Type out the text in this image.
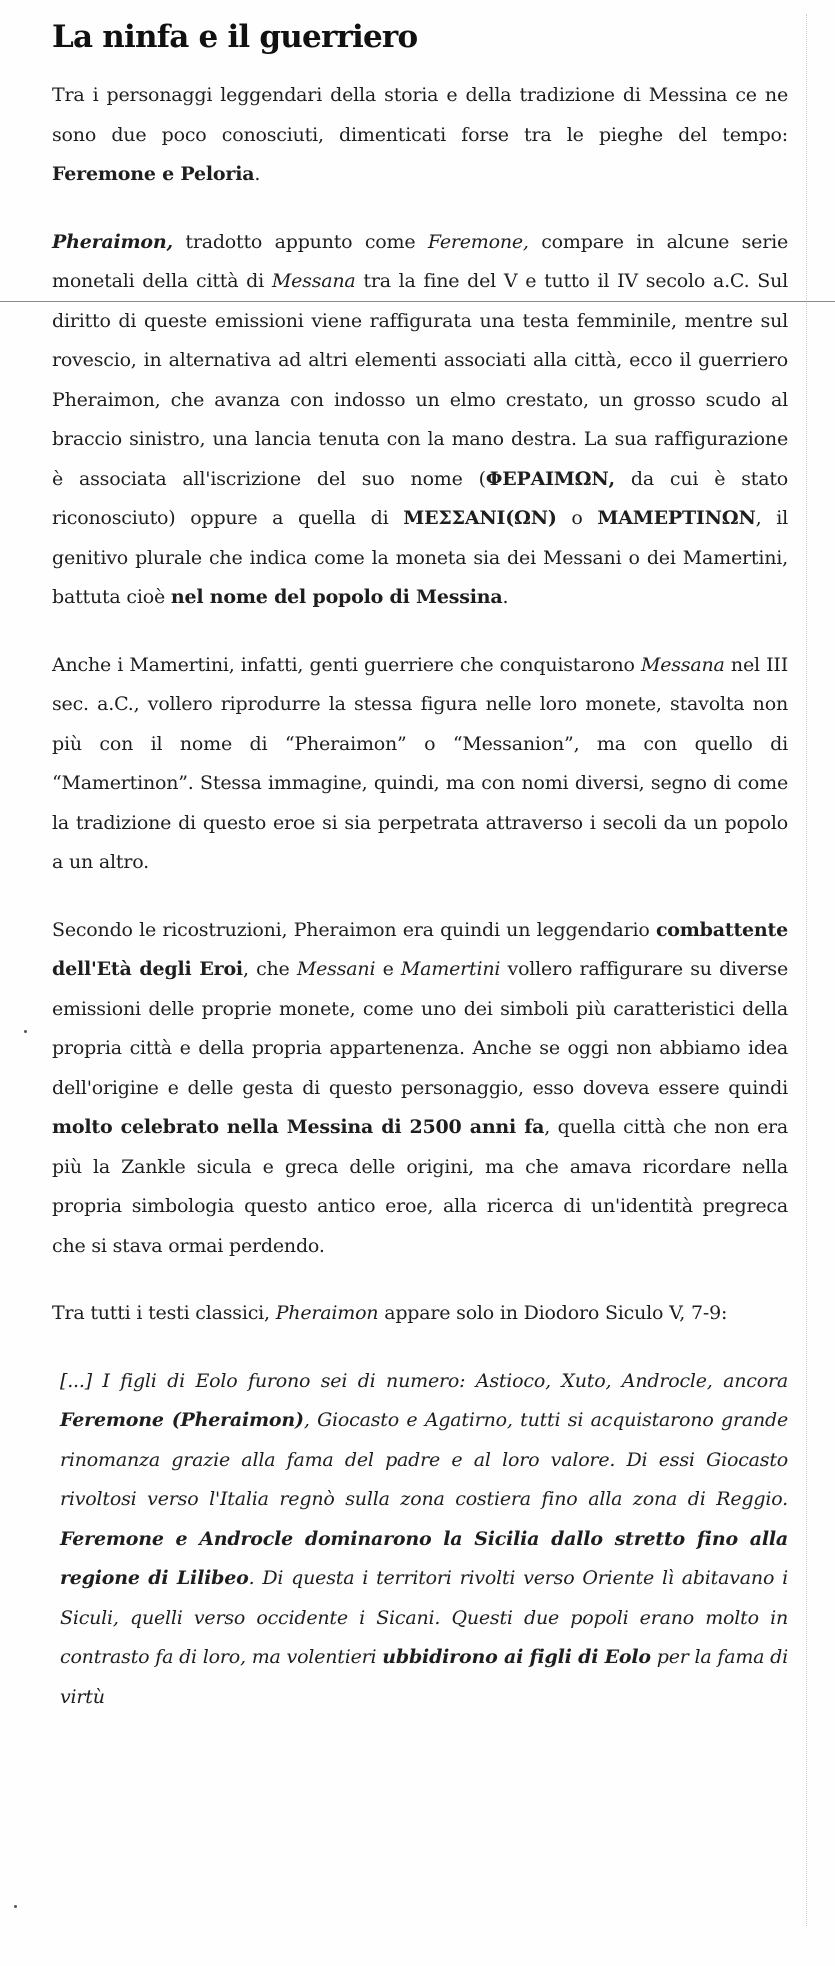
La ninfa e il guerriero

Tra i personaggi leggendari della storia e della tradizione di Messina ce ne sono due poco conosciuti, dimenticati forse tra le pieghe del tempo: Feremone e Peloria.

Pheraimon, tradotto appunto come Feremone, compare in alcune serie monetali della città di Messana tra la fine del V e tutto il IV secolo a.C. Sul diritto di queste emissioni viene raffigurata una testa femminile, mentre sul rovescio, in alternativa ad altri elementi associati alla città, ecco il guerriero Pheraimon, che avanza con indosso un elmo crestato, un grosso scudo al braccio sinistro, una lancia tenuta con la mano destra. La sua raffigurazione è associata all'iscrizione del suo nome (ΦΕΡΑΙΜΩΝ, da cui è stato riconosciuto) oppure a quella di ΜΕΣΣΑΝΙ(ΩΝ) o ΜΑΜΕΡΤΙΝΩΝ, il genitivo plurale che indica come la moneta sia dei Messani o dei Mamertini, battuta cioè nel nome del popolo di Messina.

Anche i Mamertini, infatti, genti guerriere che conquistarono Messana nel III sec. a.C., vollero riprodurre la stessa figura nelle loro monete, stavolta non più con il nome di “Pheraimon” o “Messanion”, ma con quello di “Mamertinon”. Stessa immagine, quindi, ma con nomi diversi, segno di come la tradizione di questo eroe si sia perpetrata attraverso i secoli da un popolo a un altro.

Secondo le ricostruzioni, Pheraimon era quindi un leggendario combattente dell'Età degli Eroi, che Messani e Mamertini vollero raffigurare su diverse emissioni delle proprie monete, come uno dei simboli più caratteristici della propria città e della propria appartenenza. Anche se oggi non abbiamo idea dell'origine e delle gesta di questo personaggio, esso doveva essere quindi molto celebrato nella Messina di 2500 anni fa, quella città che non era più la Zankle sicula e greca delle origini, ma che amava ricordare nella propria simbologia questo antico eroe, alla ricerca di un'identità pregreca che si stava ormai perdendo.

Tra tutti i testi classici, Pheraimon appare solo in Diodoro Siculo V, 7-9:

[...] I figli di Eolo furono sei di numero: Astioco, Xuto, Androcle, ancora Feremone (Pheraimon), Giocasto e Agatirno, tutti si acquistarono grande rinomanza grazie alla fama del padre e al loro valore. Di essi Giocasto rivoltosi verso l'Italia regnò sulla zona costiera fino alla zona di Reggio. Feremone e Androcle dominarono la Sicilia dallo stretto fino alla regione di Lilibeo. Di questa i territori rivolti verso Oriente lì abitavano i Siculi, quelli verso occidente i Sicani. Questi due popoli erano molto in contrasto fa di loro, ma volentieri ubbidirono ai figli di Eolo per la fama di virtù
